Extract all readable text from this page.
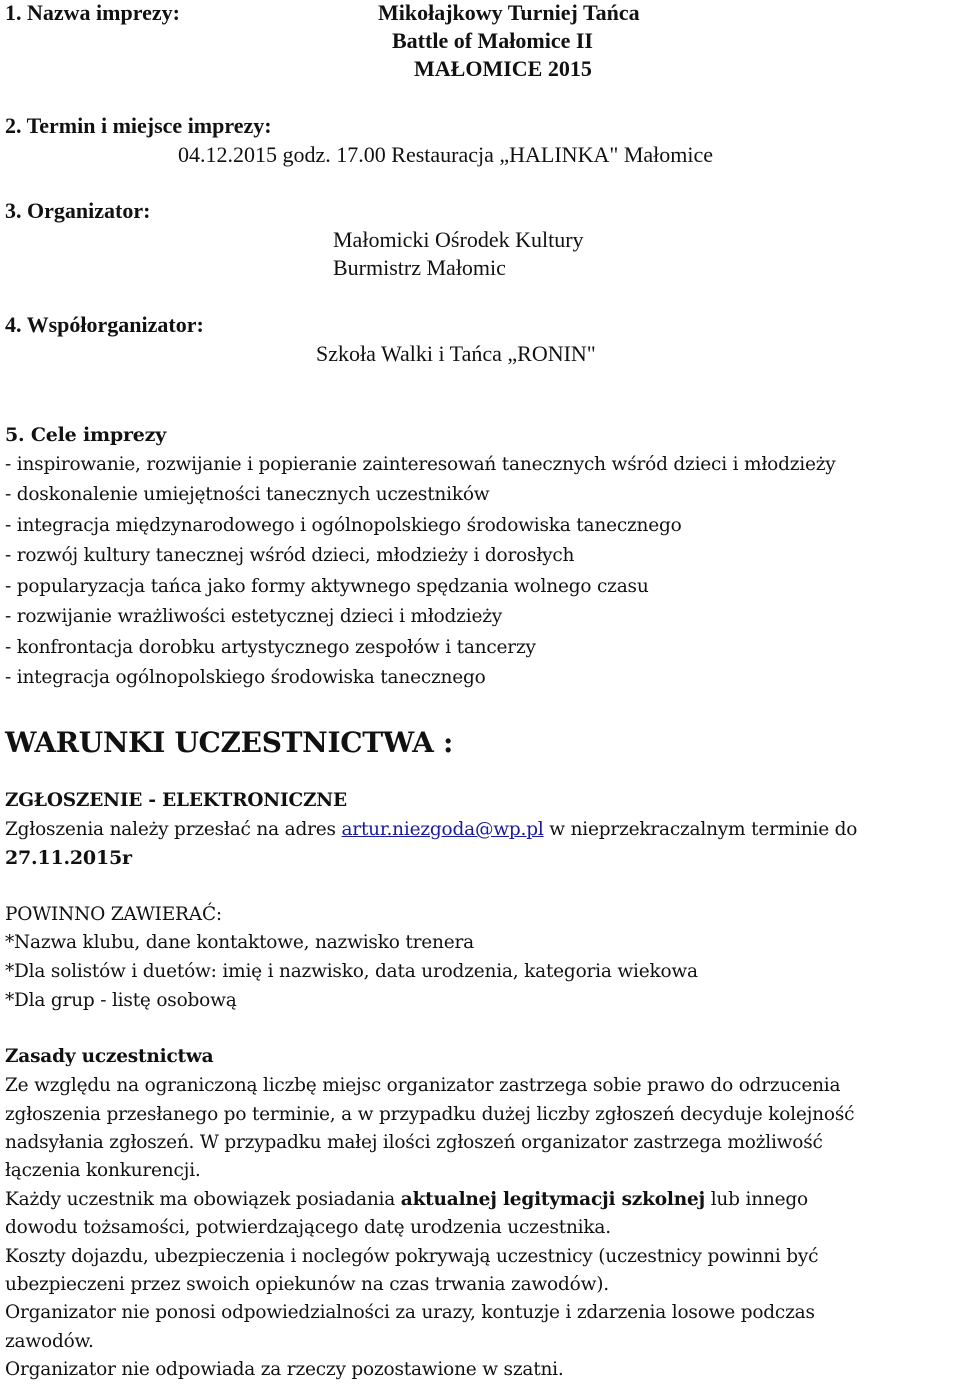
1. Nazwa imprezy:	Mikołajkowy Turniej Tańca
Battle of Małomice II
MAŁOMICE 2015
2. Termin i miejsce imprezy:
04.12.2015 godz. 17.00 Restauracja „HALINKA" Małomice
3. Organizator:
Małomicki Ośrodek Kultury
Burmistrz Małomic
4. Współorganizator:
Szkoła Walki i Tańca „RONIN"
5. Cele imprezy
- inspirowanie, rozwijanie i popieranie zainteresowań tanecznych wśród dzieci i młodzieży
- doskonalenie umiejętności tanecznych uczestników
- integracja międzynarodowego i ogólnopolskiego środowiska tanecznego
- rozwój kultury tanecznej wśród dzieci, młodzieży i dorosłych
- popularyzacja tańca jako formy aktywnego spędzania wolnego czasu
- rozwijanie wrażliwości estetycznej dzieci i młodzieży
- konfrontacja dorobku artystycznego zespołów i tancerzy
- integracja ogólnopolskiego środowiska tanecznego
WARUNKI UCZESTNICTWA :
ZGŁOSZENIE - ELEKTRONICZNE
Zgłoszenia należy przesłać na adres artur.niezgoda@wp.pl w nieprzekraczalnym terminie do
27.11.2015r
POWINNO ZAWIERAĆ:
*Nazwa klubu, dane kontaktowe, nazwisko trenera
*Dla solistów i duetów: imię i nazwisko, data urodzenia, kategoria wiekowa
*Dla grup - listę osobową
Zasady uczestnictwa
Ze względu na ograniczoną liczbę miejsc organizator zastrzega sobie prawo do odrzucenia
zgłoszenia przesłanego po terminie, a w przypadku dużej liczby zgłoszeń decyduje kolejność
nadsyłania zgłoszeń. W przypadku małej ilości zgłoszeń organizator zastrzega możliwość
łączenia konkurencji.
Każdy uczestnik ma obowiązek posiadania aktualnej legitymacji szkolnej lub innego
dowodu tożsamości, potwierdzającego datę urodzenia uczestnika.
Koszty dojazdu, ubezpieczenia i noclegów pokrywają uczestnicy (uczestnicy powinni być
ubezpieczeni przez swoich opiekunów na czas trwania zawodów).
Organizator nie ponosi odpowiedzialności za urazy, kontuzje i zdarzenia losowe podczas
zawodów.
Organizator nie odpowiada za rzeczy pozostawione w szatni.
